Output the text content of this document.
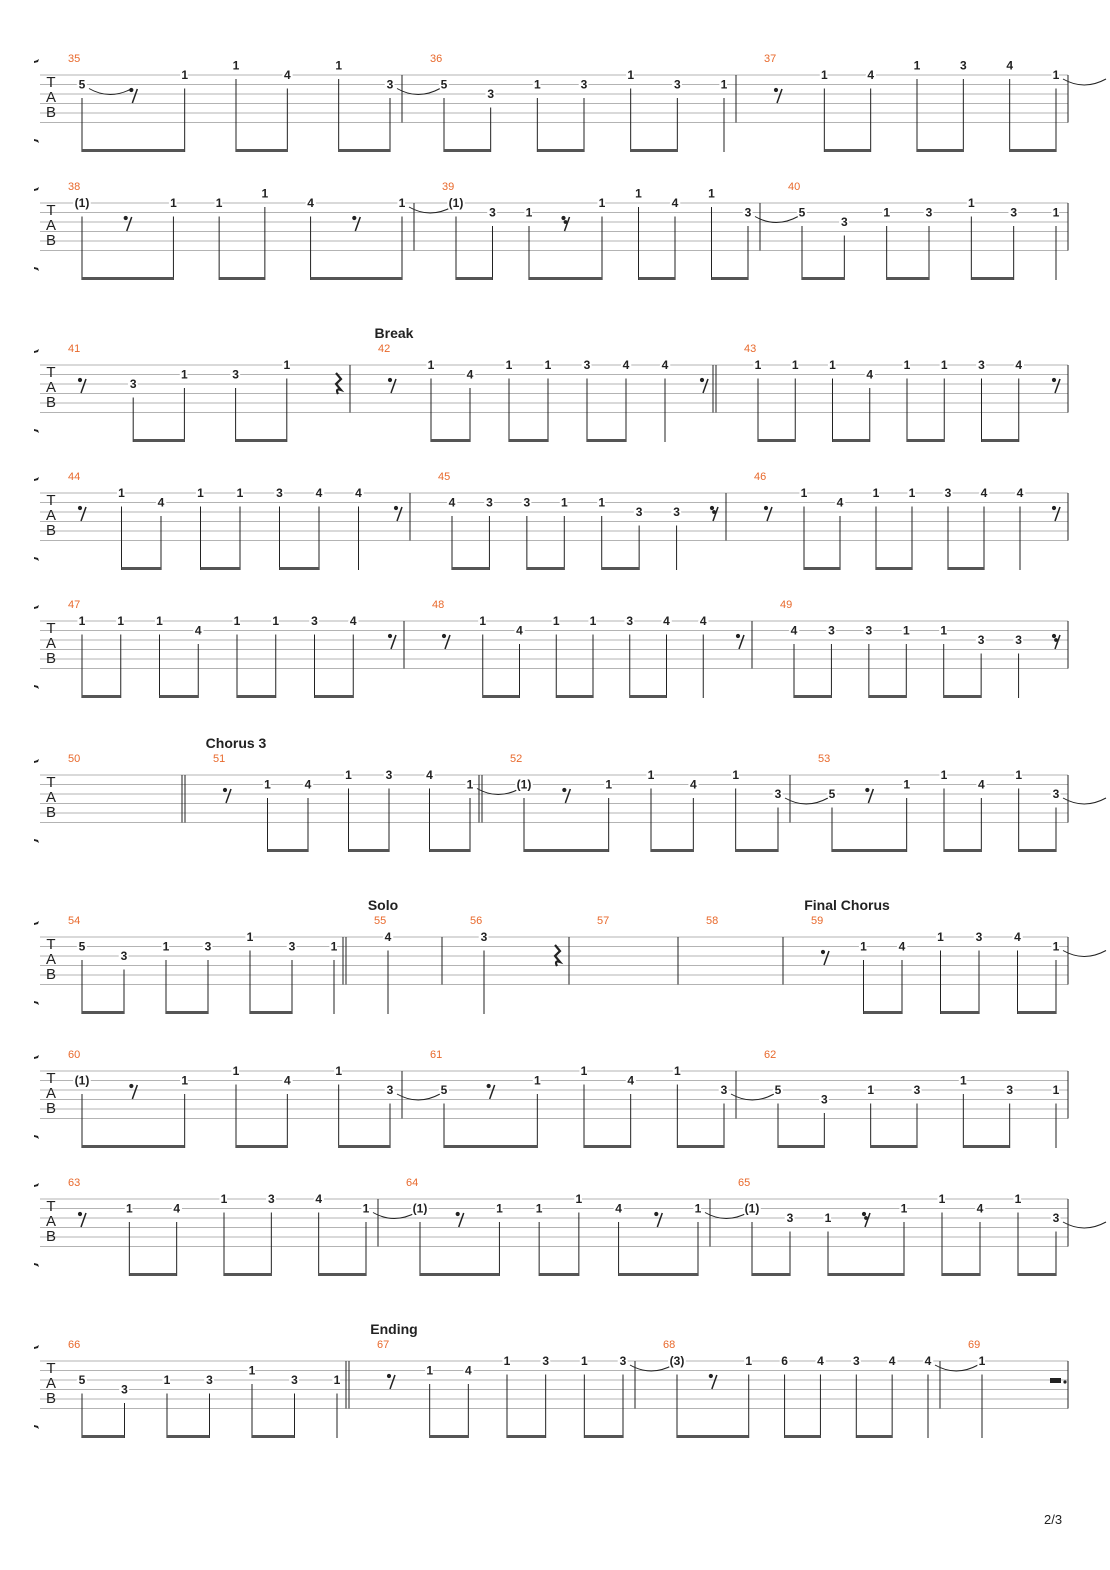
T
A
B
35
5
1
1
4
1
3
36
5
3
1	3
1
3	1
37
1	4
1	3	4
1
T
A
B
38
(1)	1	1
1
4	1
39
(1)
3 1
1
1
4
1
3
40
5
3
1	3
1
3	1
T
A
B
Break
41
3
1	3
1
42
1
4
1	1	3	4	4
43
1	1	1
4
1	1	3	4
T
A
B
44
1
4
1	1	3	4	4
45
4	3	3	1	1
3	3
46
1
4
1 1 3 4 4
T
A
B
47
1	1	1
4
1	1	3	4
48
1
4
1	1	3	4	4
49
4	3	3	1	1
3	3
T
A
B
Chorus 3
50	51
1	4
1	3	4
1
52
(1)	1
1
4
1
3
53
5
1
1
4
1
3
T
A
B
Solo	Final Chorus
54
5
3
1	3
1
3	1
55
4
56
3
57	58	59
1	4
1	3	4
1
T
A
B
60
(1)	1
1
4
1
3
61
5
1
1
4
1
3
62
5
3
1	3
1
3	1
T
A
B
63
1	4
1	3	4
1
64
(1)	1	1
1
4	1
65
(1)
3	1
1
1
4
1
3
T
A
B
Ending
66
5
3
1	3
1
3	1
67
1	4
1	3	1	3
68
(3)	1 6 4 3 4 4
69
1
2/3
